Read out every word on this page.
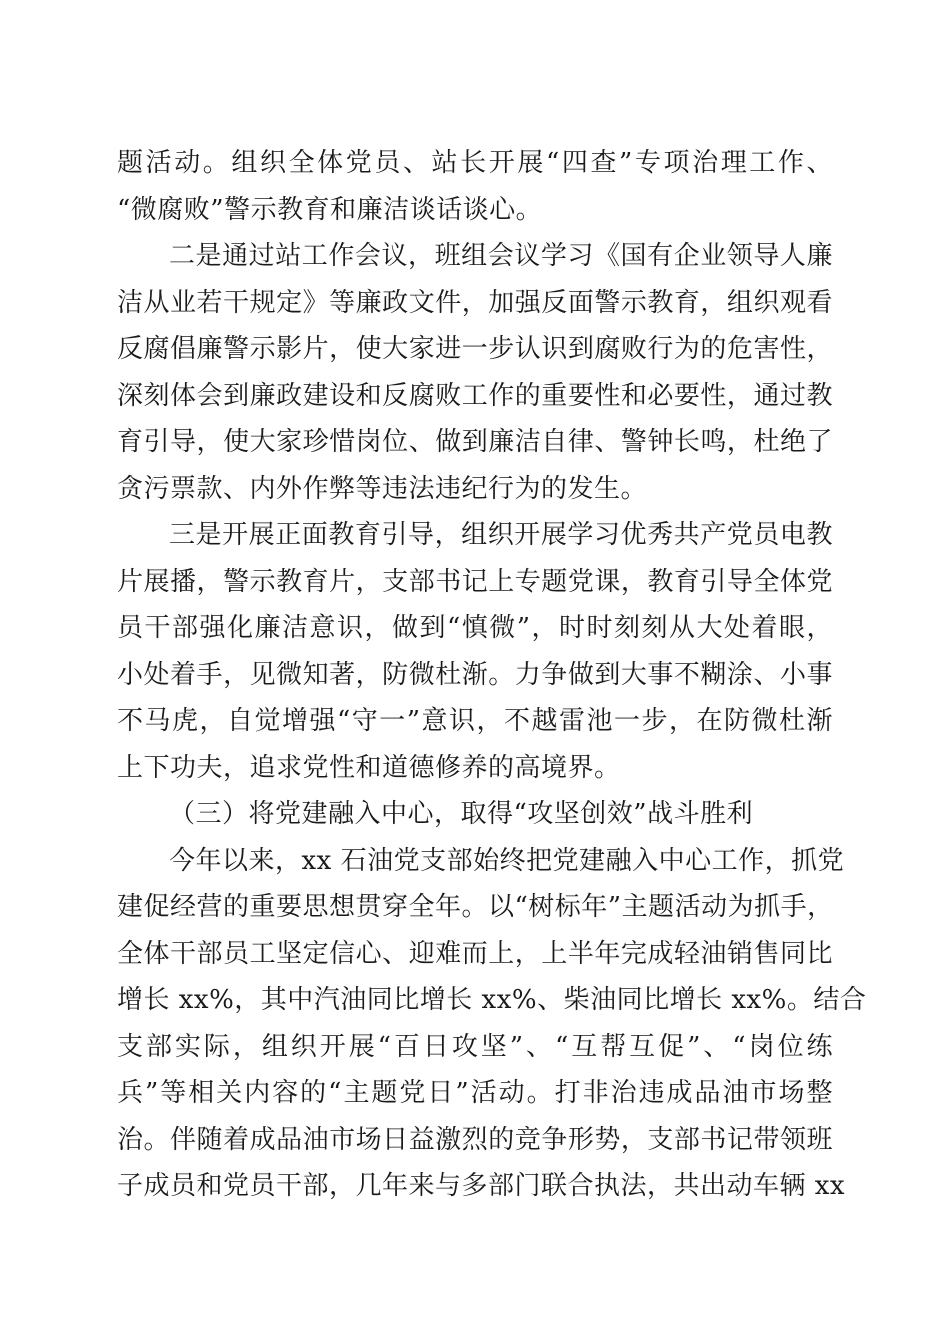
题活动。组织全体党员、站长开展“四查”专项治理工作、
“微腐败”警示教育和廉洁谈话谈心。
二是通过站工作会议，班组会议学习《国有企业领导人廉
洁从业若干规定》等廉政文件，加强反面警示教育，组织观看
反腐倡廉警示影片，使大家进一步认识到腐败行为的危害性，
深刻体会到廉政建设和反腐败工作的重要性和必要性，通过教
育引导，使大家珍惜岗位、做到廉洁自律、警钟长鸣，杜绝了
贪污票款、内外作弊等违法违纪行为的发生。
三是开展正面教育引导，组织开展学习优秀共产党员电教
片展播，警示教育片，支部书记上专题党课，教育引导全体党
员干部强化廉洁意识，做到“慎微”，时时刻刻从大处着眼，
小处着手，见微知著，防微杜渐。力争做到大事不糊涂、小事
不马虎，自觉增强“守一”意识，不越雷池一步，在防微杜渐
上下功夫，追求党性和道德修养的高境界。
（三）将党建融入中心，取得“攻坚创效”战斗胜利
今年以来，xx 石油党支部始终把党建融入中心工作，抓党
建促经营的重要思想贯穿全年。以“树标年”主题活动为抓手，
全体干部员工坚定信心、迎难而上，上半年完成轻油销售同比
增长 xx%，其中汽油同比增长 xx%、柴油同比增长 xx%。结合
支部实际，组织开展“百日攻坚”、“互帮互促”、“岗位练
兵”等相关内容的“主题党日”活动。打非治违成品油市场整
治。伴随着成品油市场日益激烈的竞争形势，支部书记带领班
子成员和党员干部，几年来与多部门联合执法，共出动车辆 xx
